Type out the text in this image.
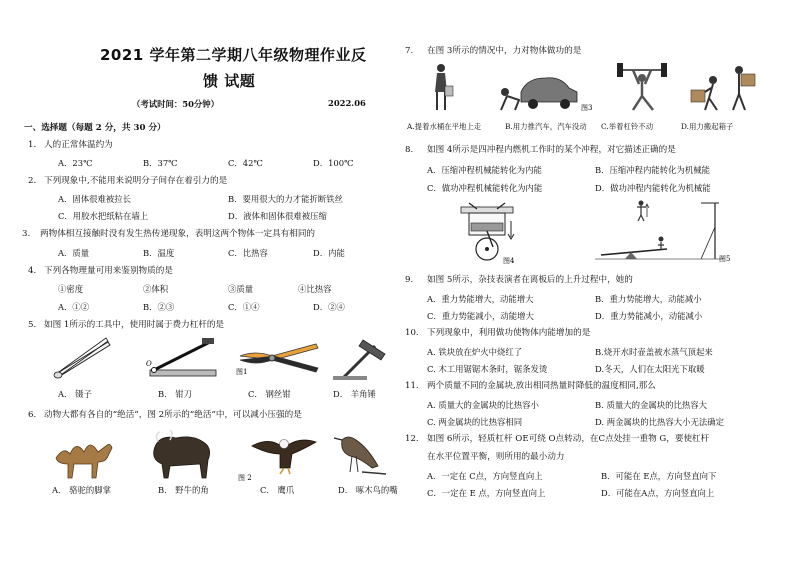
2021 学年第二学期八年级物理作业反
馈 试题
（考试时间：50分钟）	2022.06
一、选择题（每题 2 分，共 30 分）
1. 人的正常体温约为
A．23℃	B．37℃	C．42℃	D．100℃
2. 下列现象中,不能用来说明分子间存在着引力的是
A．固体很难被拉长	B．要用很大的力才能折断铁丝
C．用胶水把纸粘在墙上	D．液体和固体很难被压缩
3. 两物体相互接触时没有发生热传递现象，表明这两个物体一定具有相同的
A．质量	B．温度	C．比热容	D．内能
4. 下列各物理量可用来鉴别物质的是
①密度	②体积	③质量	④比热容
A．①②	B．②③	C．①④	D．②④
5. 如图 1所示的工具中，使用时属于费力杠杆的是
O
图1
A． 镊子	B． 钳刀	C． 钢丝钳	D． 羊角锤
6. 动物大都有各自的“绝活”，图 2所示的“绝活”中，可以减小压强的是
图 2
A． 骆驼的脚掌	B． 野牛的角	C． 鹰爪	D． 啄木鸟的嘴
7. 在图 3所示的情况中，力对物体做功的是
图3
A.提着水桶在平地上走	B.用力推汽车，汽车没动 C.举着杠铃不动	D.用力搬起箱子
8. 如图 4所示是四冲程内燃机工作时的某个冲程，对它描述正确的是
A．压缩冲程机械能转化为内能	B．压缩冲程内能转化为机械能
C．做功冲程机械能转化为内能	D．做功冲程内能转化为机械能
图4	图5
9. 如图 5所示，杂技表演者在离板后的上升过程中，她的
A．重力势能增大，动能增大	B．重力势能增大，动能减小
C．重力势能减小，动能增大	D．重力势能减小，动能减小
10. 下列现象中，利用做功使物体内能增加的是
A. 铁块放在炉火中烧红了	B.烧开水时壶盖被水蒸气顶起来
C. 木工用锯锯木条时，锯条发烫	D.冬天，人们在太阳光下取暖
11. 两个质量不同的金属块,放出相同热量时降低的温度相同,那么
A. 质量大的金属块的比热容小	B. 质量大的金属块的比热容大
C. 两金属块的比热容相同	D. 两金属块的比热容大小无法确定
12. 如图 6所示，轻质杠杆 OE可绕 O点转动，在C点处挂一重物 G，要使杠杆
在水平位置平衡，则所用的最小动力
A．一定在 C点，方向竖直向上	B．可能在 E点，方向竖直向下
C．一定在 E 点，方向竖直向上	D．可能在A点，方向竖直向上
